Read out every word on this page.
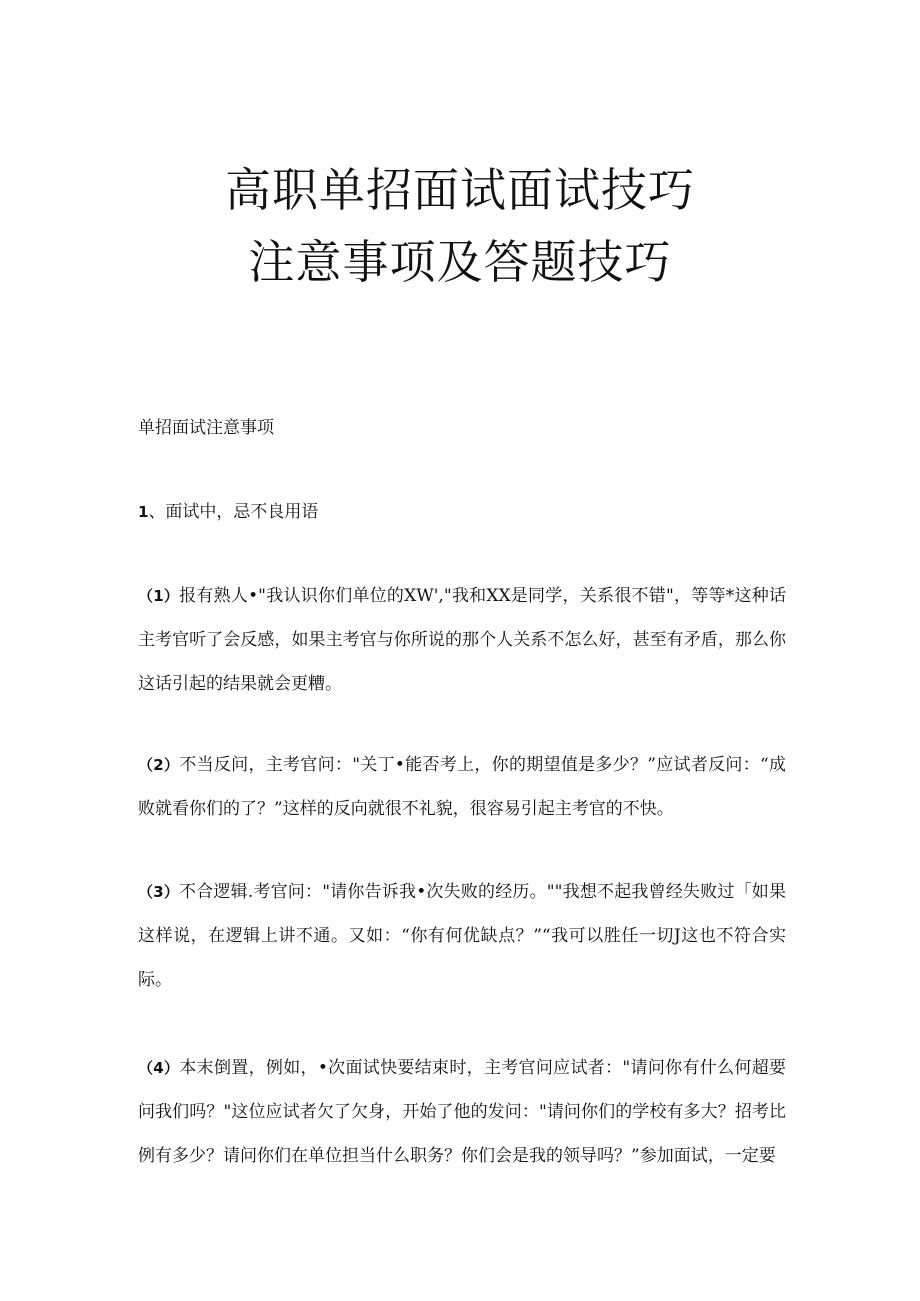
高职单招面试面试技巧
注意事项及答题技巧
单招面试注意事项
1、面试中，忌不良用语

（1）报有熟人•"我认识你们单位的XW',"我和XX是同学，关系很不错"，等等*这种话主考官听了会反感，如果主考官与你所说的那个人关系不怎么好，甚至有矛盾，那么你这话引起的结果就会更糟。

（2）不当反问，主考官问："关丁•能否考上，你的期望值是多少？”应试者反问：“成败就看你们的了？”这样的反向就很不礼貌，很容易引起主考官的不快。

（3）不合逻辑.考官问："请你告诉我•次失败的经历。""我想不起我曾经失败过「如果这样说，在逻辑上讲不通。又如：“你有何优缺点？”“我可以胜任一切J这也不符合实际。

（4）本末倒置，例如，•次面试快要结束时，主考官问应试者："请问你有什么何超要问我们吗？"这位应试者欠了欠身，开始了他的发问："请问你们的学校有多大？招考比例有多少？请问你们在单位担当什么职务？你们会是我的领导吗？”参加面试，一定要
